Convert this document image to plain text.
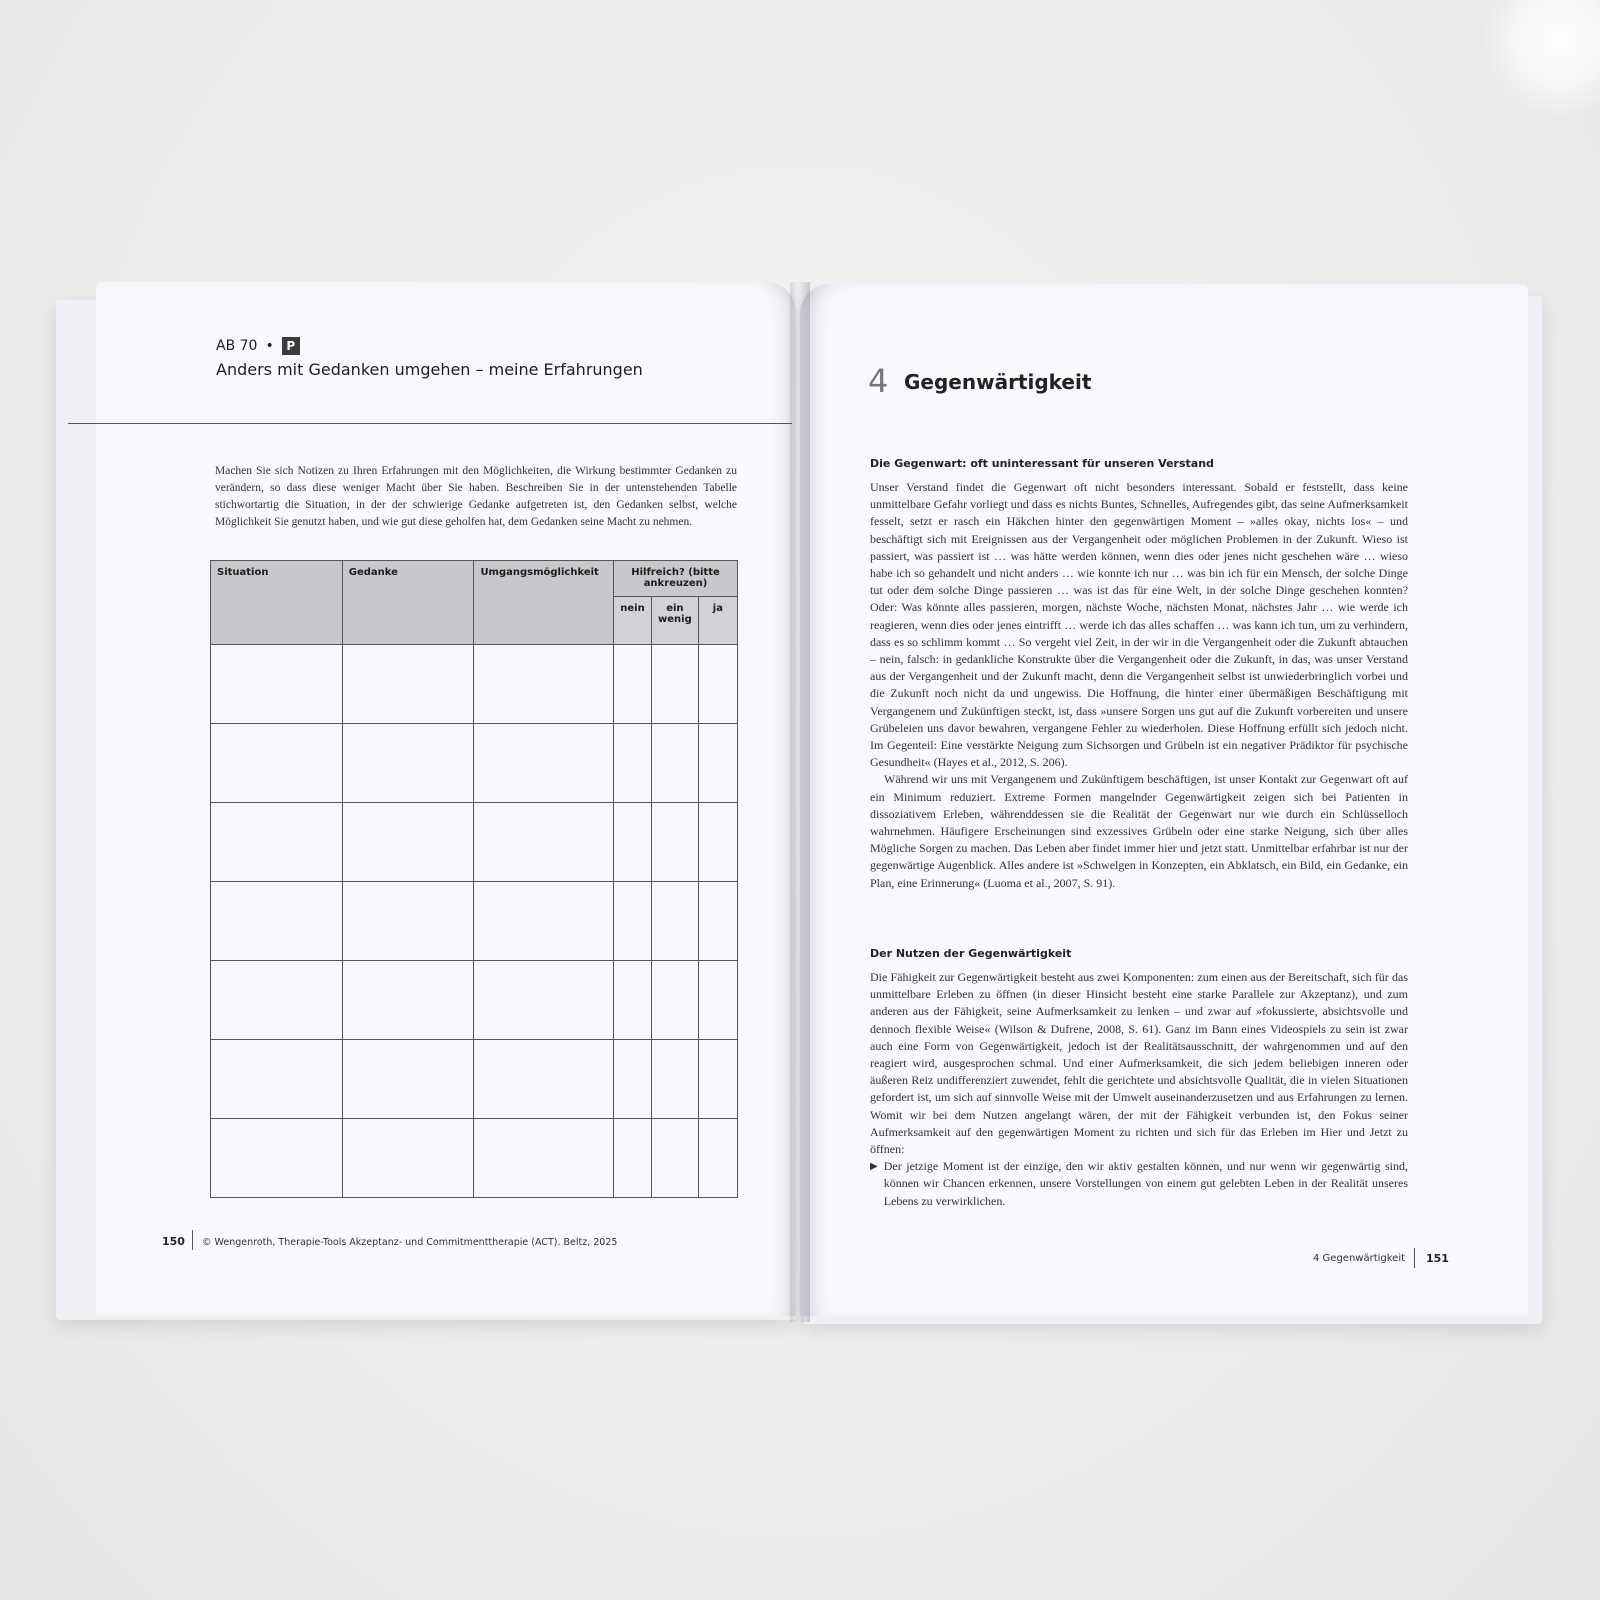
AB 70 •	P
Anders mit Gedanken umgehen – meine Erfahrungen
Machen Sie sich Notizen zu Ihren Erfahrungen mit den Möglichkeiten, die Wirkung bestimmter Gedanken zu verändern, so dass diese weniger Macht über Sie haben. Beschreiben Sie in der untenstehenden Tabelle stichwortartig die Situation, in der der schwierige Gedanke aufgetreten ist, den Gedanken selbst, welche Möglichkeit Sie genutzt haben, und wie gut diese geholfen hat, dem Gedanken seine Macht zu nehmen.
Situation	Gedanke	Umgangsmöglichkeit	Hilfreich? (bitte ankreuzen)		

			nein	ein wenig	ja

150 © Wengenroth, Therapie-Tools Akzeptanz- und Commitmenttherapie (ACT). Beltz, 2025
4 Gegenwärtigkeit
Die Gegenwart: oft uninteressant für unseren Verstand

Unser Verstand findet die Gegenwart oft nicht besonders interessant. Sobald er feststellt, dass keine unmittelbare Gefahr vorliegt und dass es nichts Buntes, Schnelles, Aufregendes gibt, das seine Aufmerksamkeit fesselt, setzt er rasch ein Häkchen hinter den gegenwärtigen Moment – »alles okay, nichts los« – und beschäftigt sich mit Ereignissen aus der Vergangenheit oder möglichen Problemen in der Zukunft. Wieso ist passiert, was passiert ist … was hätte werden können, wenn dies oder jenes nicht geschehen wäre … wieso habe ich so gehandelt und nicht anders … wie konnte ich nur … was bin ich für ein Mensch, der solche Dinge tut oder dem solche Dinge passieren … was ist das für eine Welt, in der solche Dinge geschehen konnten? Oder: Was könnte alles passieren, morgen, nächste Woche, nächsten Monat, nächstes Jahr … wie werde ich reagieren, wenn dies oder jenes eintrifft … werde ich das alles schaffen … was kann ich tun, um zu verhindern, dass es so schlimm kommt … So vergeht viel Zeit, in der wir in die Vergangenheit oder die Zukunft abtauchen – nein, falsch: in gedankliche Konstrukte über die Vergangenheit oder die Zukunft, in das, was unser Verstand aus der Vergangenheit und der Zukunft macht, denn die Vergangenheit selbst ist unwiederbringlich vorbei und die Zukunft noch nicht da und ungewiss. Die Hoffnung, die hinter einer übermäßigen Beschäftigung mit Vergangenem und Zukünftigen steckt, ist, dass »unsere Sorgen uns gut auf die Zukunft vorbereiten und unsere Grübeleien uns davor bewahren, vergangene Fehler zu wiederholen. Diese Hoffnung erfüllt sich jedoch nicht. Im Gegenteil: Eine verstärkte Neigung zum Sichsorgen und Grübeln ist ein negativer Prädiktor für psychische Gesundheit« (Hayes et al., 2012, S. 206).

Während wir uns mit Vergangenem und Zukünftigem beschäftigen, ist unser Kontakt zur Gegenwart oft auf ein Minimum reduziert. Extreme Formen mangelnder Gegenwärtigkeit zeigen sich bei Patienten in dissoziativem Erleben, währenddessen sie die Realität der Gegenwart nur wie durch ein Schlüsselloch wahrnehmen. Häufigere Erscheinungen sind exzessives Grübeln oder eine starke Neigung, sich über alles Mögliche Sorgen zu machen. Das Leben aber findet immer hier und jetzt statt. Unmittelbar erfahrbar ist nur der gegenwärtige Augenblick. Alles andere ist »Schwelgen in Konzepten, ein Abklatsch, ein Bild, ein Gedanke, ein Plan, eine Erinnerung« (Luoma et al., 2007, S. 91).

Der Nutzen der Gegenwärtigkeit

Die Fähigkeit zur Gegenwärtigkeit besteht aus zwei Komponenten: zum einen aus der Bereitschaft, sich für das unmittelbare Erleben zu öffnen (in dieser Hinsicht besteht eine starke Parallele zur Akzeptanz), und zum anderen aus der Fähigkeit, seine Aufmerksamkeit zu lenken – und zwar auf »fokussierte, absichtsvolle und dennoch flexible Weise« (Wilson & Dufrene, 2008, S. 61). Ganz im Bann eines Videospiels zu sein ist zwar auch eine Form von Gegenwärtigkeit, jedoch ist der Realitätsausschnitt, der wahrgenommen und auf den reagiert wird, ausgesprochen schmal. Und einer Aufmerksamkeit, die sich jedem beliebigen inneren oder äußeren Reiz undifferenziert zuwendet, fehlt die gerichtete und absichtsvolle Qualität, die in vielen Situationen gefordert ist, um sich auf sinnvolle Weise mit der Umwelt auseinanderzusetzen und aus Erfahrungen zu lernen. Womit wir bei dem Nutzen angelangt wären, der mit der Fähigkeit verbunden ist, den Fokus seiner Aufmerksamkeit auf den gegenwärtigen Moment zu richten und sich für das Erleben im Hier und Jetzt zu öffnen:

▶ Der jetzige Moment ist der einzige, den wir aktiv gestalten können, und nur wenn wir gegenwärtig sind, können wir Chancen erkennen, unsere Vorstellungen von einem gut gelebten Leben in der Realität unseres Lebens zu verwirklichen.
4 Gegenwärtigkeit 151
